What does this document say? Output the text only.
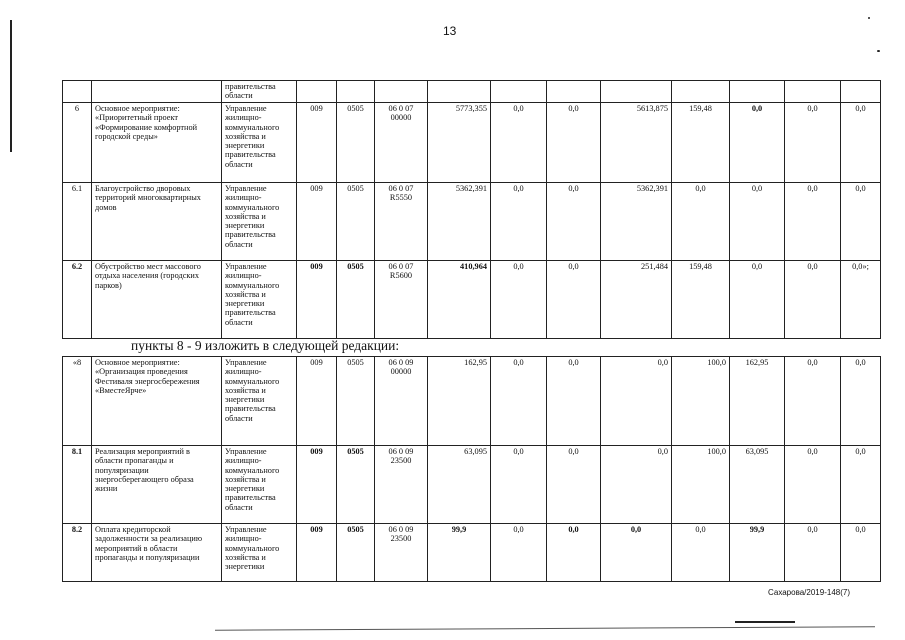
13
		правительства области											
6	Основное мероприятие: «Приоритетный проект «Формирование комфортной городской среды»	Управление жилищно-коммунального хозяйства и энергетики правительства области	009	0505	06 0 07 00000	5773,355	0,0	0,0	5613,875	159,48	0,0	0,0	0,0
6.1	Благоустройство дворовых территорий многоквартирных домов	Управление жилищно-коммунального хозяйства и энергетики правительства области	009	0505	06 0 07 R5550	5362,391	0,0	0,0	5362,391	0,0	0,0	0,0	0,0
6.2	Обустройство мест массового отдыха населения (городских парков)	Управление жилищно-коммунального хозяйства и энергетики правительства области	009	0505	06 0 07 R5600	410,964	0,0	0,0	251,484	159,48	0,0	0,0	0,0»;
пункты 8 - 9 изложить в следующей редакции:
«8	Основное мероприятие: «Организация проведения Фестиваля энергосбережения «ВместеЯрче»	Управление жилищно-коммунального хозяйства и энергетики правительства области	009	0505	06 0 09 00000	162,95	0,0	0,0	0,0	100,0	162,95	0,0	0,0
8.1	Реализация мероприятий в области пропаганды и популяризации энергосберегающего образа жизни	Управление жилищно-коммунального хозяйства и энергетики правительства области	009	0505	06 0 09 23500	63,095	0,0	0,0	0,0	100,0	63,095	0,0	0,0
8.2	Оплата кредиторской задолженности за реализацию мероприятий в области пропаганды и популяризации	Управление жилищно-коммунального хозяйства и энергетики	009	0505	06 0 09 23500	99,9	0,0	0,0	0,0	0,0	99,9	0,0	0,0
Сахарова/2019-148(7)
